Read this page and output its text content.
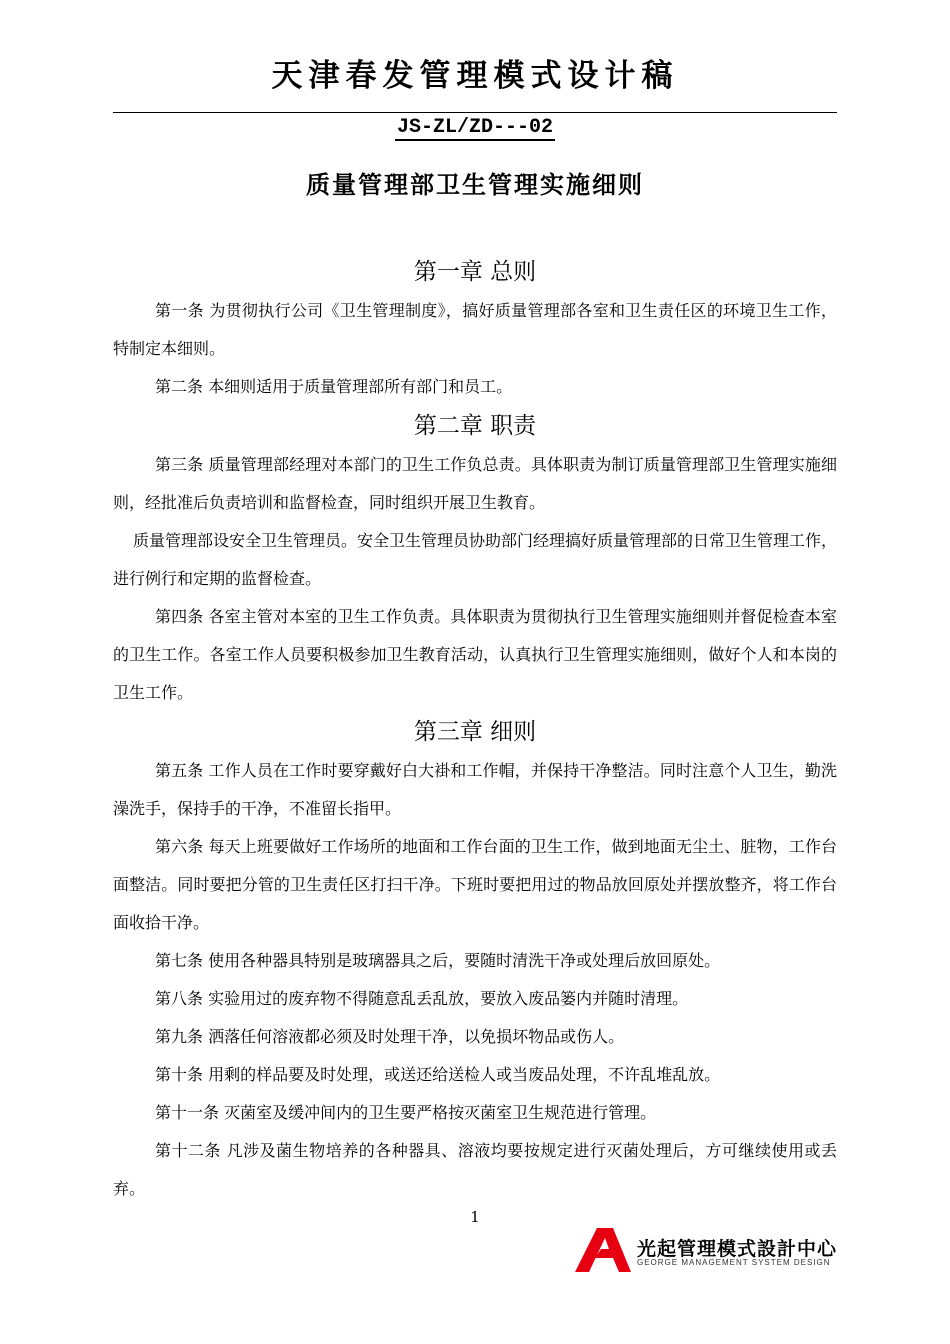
天津春发管理模式设计稿
JS-ZL/ZD---02
质量管理部卫生管理实施细则
第一章 总则

第一条 为贯彻执行公司《卫生管理制度》，搞好质量管理部各室和卫生责任区的环境卫生工作，特制定本细则。

第二条 本细则适用于质量管理部所有部门和员工。

第二章 职责

第三条 质量管理部经理对本部门的卫生工作负总责。具体职责为制订质量管理部卫生管理实施细则，经批准后负责培训和监督检查，同时组织开展卫生教育。

质量管理部设安全卫生管理员。安全卫生管理员协助部门经理搞好质量管理部的日常卫生管理工作，进行例行和定期的监督检查。

第四条 各室主管对本室的卫生工作负责。具体职责为贯彻执行卫生管理实施细则并督促检查本室的卫生工作。各室工作人员要积极参加卫生教育活动，认真执行卫生管理实施细则，做好个人和本岗的卫生工作。

第三章 细则

第五条 工作人员在工作时要穿戴好白大褂和工作帽，并保持干净整洁。同时注意个人卫生，勤洗澡洗手，保持手的干净，不准留长指甲。

第六条 每天上班要做好工作场所的地面和工作台面的卫生工作，做到地面无尘土、脏物，工作台面整洁。同时要把分管的卫生责任区打扫干净。下班时要把用过的物品放回原处并摆放整齐，将工作台面收拾干净。

第七条 使用各种器具特别是玻璃器具之后，要随时清洗干净或处理后放回原处。

第八条 实验用过的废弃物不得随意乱丢乱放，要放入废品篓内并随时清理。

第九条 洒落任何溶液都必须及时处理干净，以免损坏物品或伤人。

第十条 用剩的样品要及时处理，或送还给送检人或当废品处理，不许乱堆乱放。

第十一条 灭菌室及缓冲间内的卫生要严格按灭菌室卫生规范进行管理。

第十二条 凡涉及菌生物培养的各种器具、溶液均要按规定进行灭菌处理后，方可继续使用或丢弃。

1
光起管理模式設計中心
GEORGE MANAGEMENT SYSTEM DESIGN
